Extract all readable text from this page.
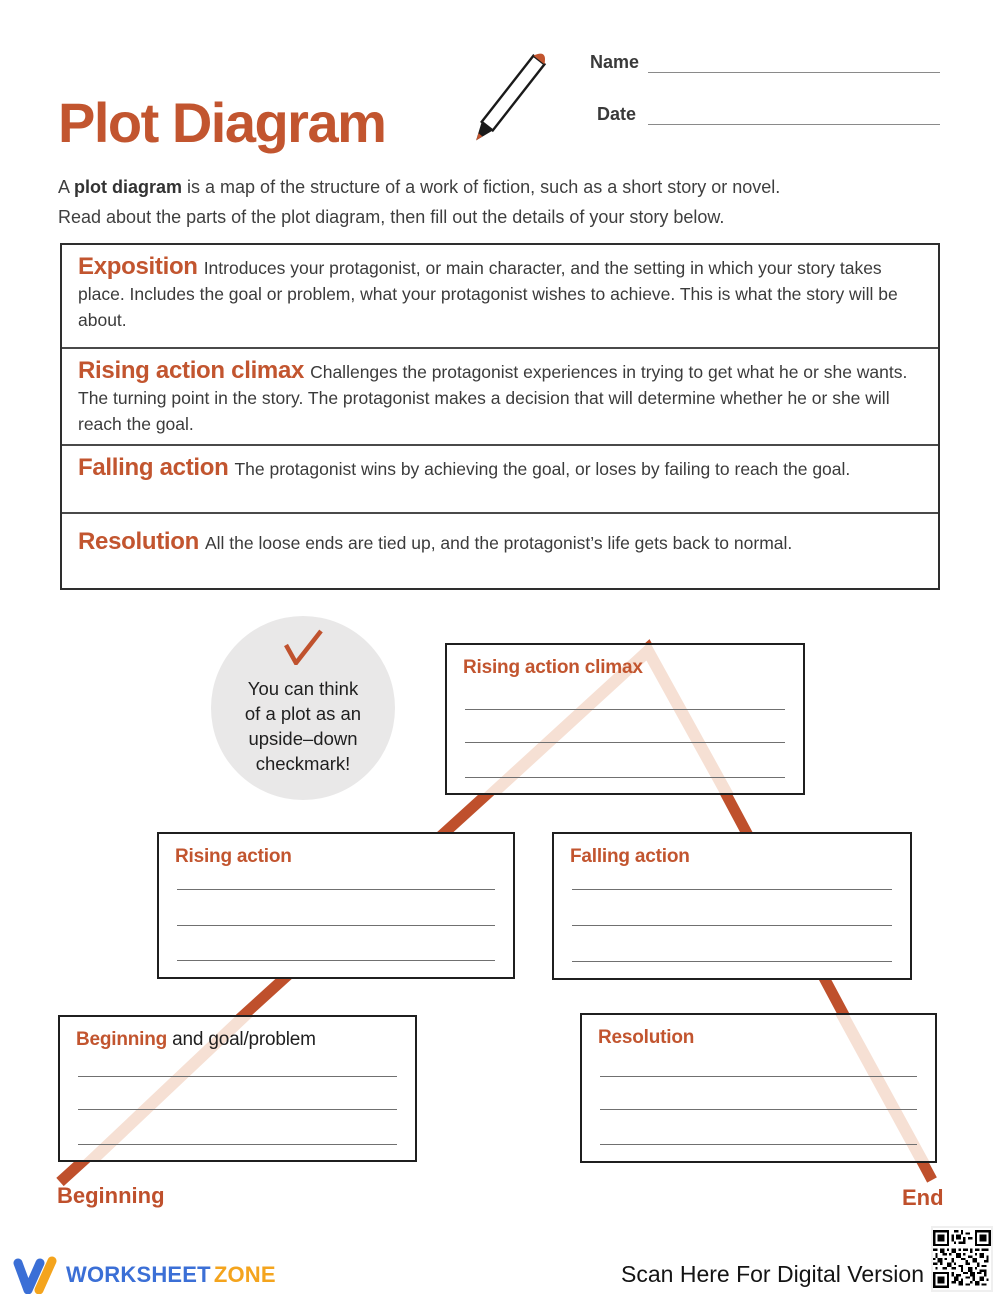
Plot Diagram
Name
Date
A plot diagram is a map of the structure of a work of fiction, such as a short story or novel.
Read about the parts of the plot diagram, then fill out the details of your story below.
Exposition Introduces your protagonist, or main character, and the setting in which your story takes place. Includes the goal or problem, what your protagonist wishes to achieve. This is what the story will be about.
Rising action climax Challenges the protagonist experiences in trying to get what he or she wants. The turning point in the story. The protagonist makes a decision that will determine whether he or she will reach the goal.
Falling action The protagonist wins by achieving the goal, or loses by failing to reach the goal.
Resolution All the loose ends are tied up, and the protagonist’s life gets back to normal.
You can think
of a plot as an
upside–down
checkmark!
Rising action climax
Rising action	Falling action
Beginning and goal/problem	Resolution
Beginning	End
WORKSHEET ZONE	Scan Here For Digital Version
